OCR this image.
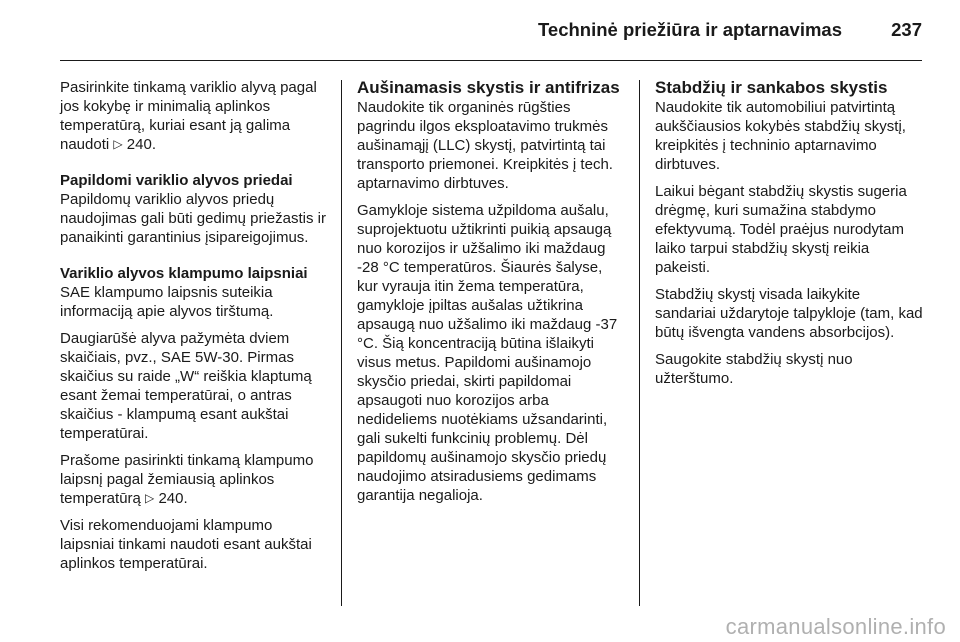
Techninė priežiūra ir aptarnavimas	237

Pasirinkite tinkamą variklio alyvą pagal jos kokybę ir minimalią aplinkos temperatūrą, kuriai esant ją galima naudoti ▷ 240.

Papildomi variklio alyvos priedai

Papildomų variklio alyvos priedų naudojimas gali būti gedimų priežastis ir panaikinti garantinius įsipareigojimus.

Variklio alyvos klampumo laipsniai

SAE klampumo laipsnis suteikia informaciją apie alyvos tirštumą.

Daugiarūšė alyva pažymėta dviem skaičiais, pvz., SAE 5W-30. Pirmas skaičius su raide „W“ reiškia klaptumą esant žemai temperatūrai, o antras skaičius - klampumą esant aukštai temperatūrai.

Prašome pasirinkti tinkamą klampumo laipsnį pagal žemiausią aplinkos temperatūrą ▷ 240.

Visi rekomenduojami klampumo laipsniai tinkami naudoti esant aukštai aplinkos temperatūrai.

Aušinamasis skystis ir antifrizas

Naudokite tik organinės rūgšties pagrindu ilgos eksploatavimo trukmės aušinamąjį (LLC) skystį, patvirtintą tai transporto priemonei. Kreipkitės į tech. aptarnavimo dirbtuves.

Gamykloje sistema užpildoma aušalu, suprojektuotu užtikrinti puikią apsaugą nuo korozijos ir užšalimo iki maždaug -28 °C temperatūros. Šiaurės šalyse, kur vyrauja itin žema temperatūra, gamykloje įpiltas aušalas užtikrina apsaugą nuo užšalimo iki maždaug -37 °C. Šią koncentraciją būtina išlaikyti visus metus. Papildomi aušinamojo skysčio priedai, skirti papildomai apsaugoti nuo korozijos arba nedideliems nuotėkiams užsandarinti, gali sukelti funkcinių problemų. Dėl papildomų aušinamojo skysčio priedų naudojimo atsiradusiems gedimams garantija negalioja.

Stabdžių ir sankabos skystis

Naudokite tik automobiliui patvirtintą aukščiausios kokybės stabdžių skystį, kreipkitės į techninio aptarnavimo dirbtuves.

Laikui bėgant stabdžių skystis sugeria drėgmę, kuri sumažina stabdymo efektyvumą. Todėl praėjus nurodytam laiko tarpui stabdžių skystį reikia pakeisti.

Stabdžių skystį visada laikykite sandariai uždarytoje talpykloje (tam, kad būtų išvengta vandens absorbcijos).

Saugokite stabdžių skystį nuo užterštumo.

carmanualsonline.info
